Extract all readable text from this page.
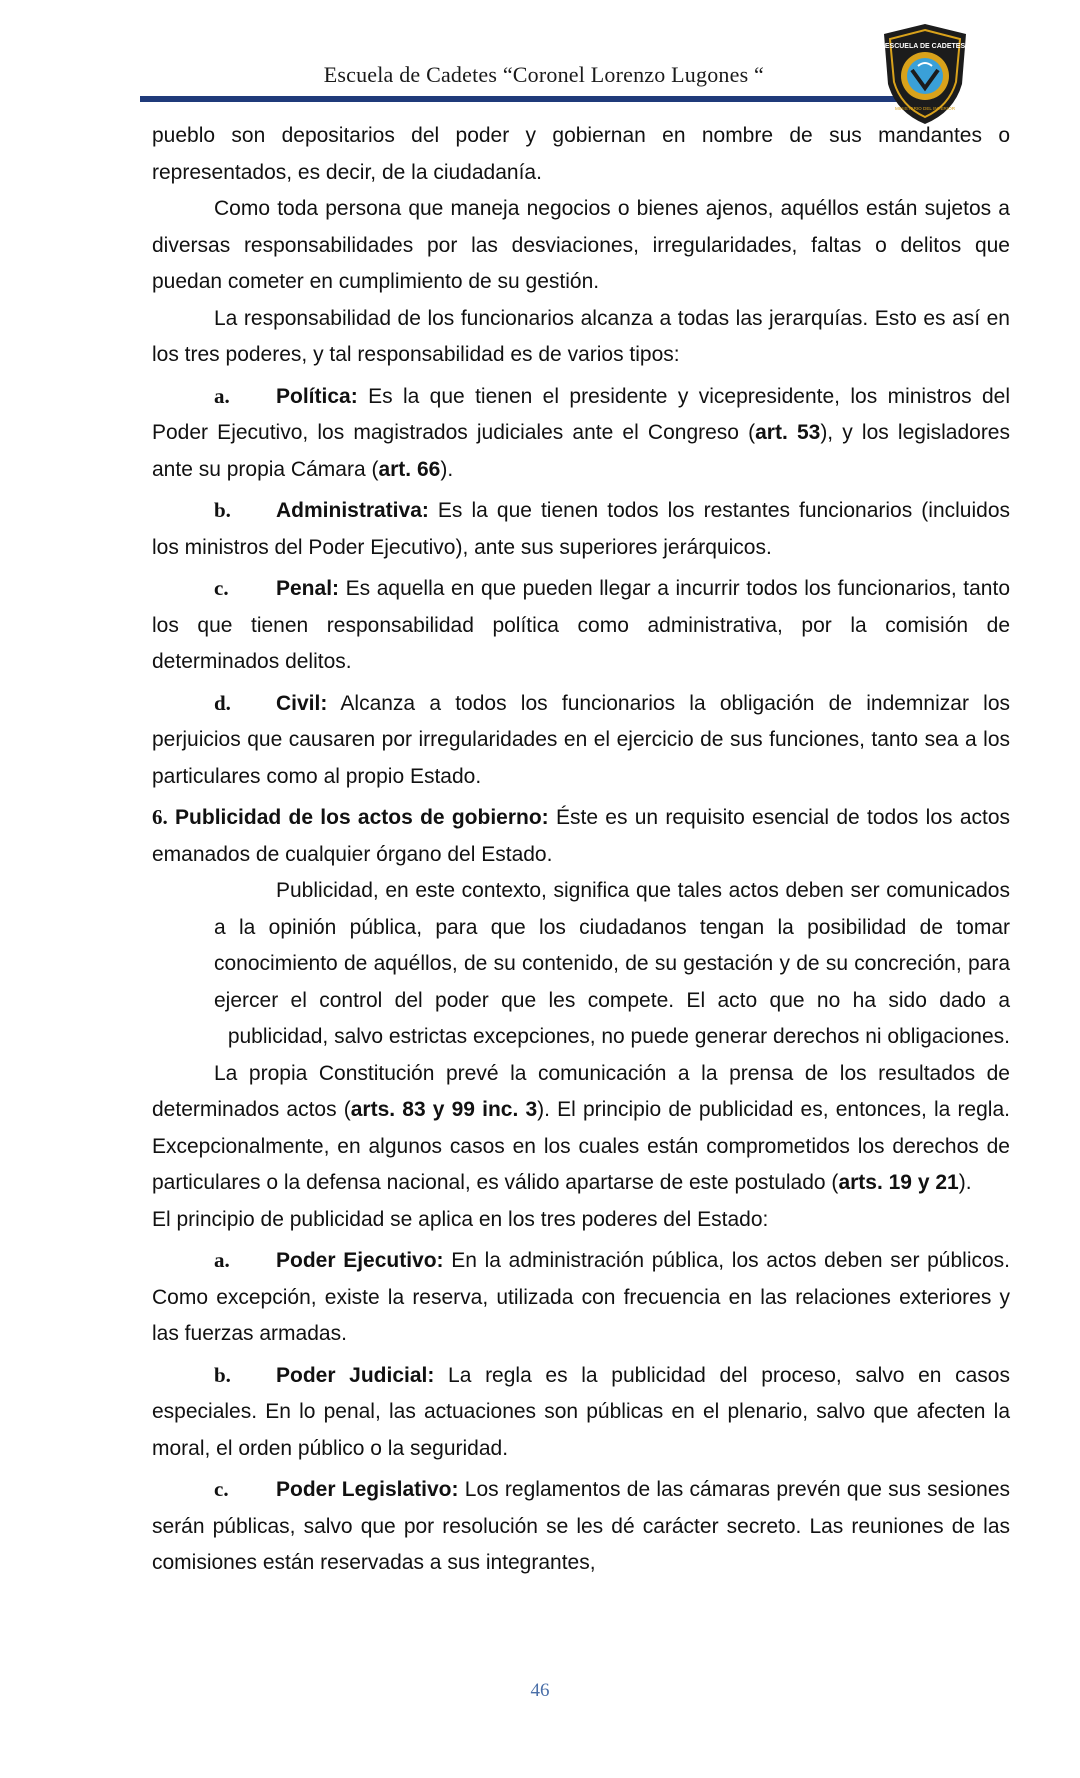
Escuela de Cadetes “Coronel Lorenzo Lugones “
ESCUELA DE CADETES
MINISTERIO DEL INTERIOR

pueblo son depositarios del poder y gobiernan en nombre de sus mandantes o representados, es decir, de la ciudadanía.

Como toda persona que maneja negocios o bienes ajenos, aquéllos están sujetos a diversas responsabilidades por las desviaciones, irregularidades, faltas o delitos que puedan cometer en cumplimiento de su gestión.

La responsabilidad de los funcionarios alcanza a todas las jerarquías. Esto es así en los tres poderes, y tal responsabilidad es de varios tipos:

a. Política: Es la que tienen el presidente y vicepresidente, los ministros del Poder Ejecutivo, los magistrados judiciales ante el Congreso (art. 53), y los legisladores ante su propia Cámara (art. 66).

b. Administrativa: Es la que tienen todos los restantes funcionarios (incluidos los ministros del Poder Ejecutivo), ante sus superiores jerárquicos.

c. Penal: Es aquella en que pueden llegar a incurrir todos los funcionarios, tanto los que tienen responsabilidad política como administrativa, por la comisión de determinados delitos.

d. Civil: Alcanza a todos los funcionarios la obligación de indemnizar los perjuicios que causaren por irregularidades en el ejercicio de sus funciones, tanto sea a los particulares como al propio Estado.

6. Publicidad de los actos de gobierno: Éste es un requisito esencial de todos los actos emanados de cualquier órgano del Estado.

Publicidad, en este contexto, significa que tales actos deben ser comunicados a la opinión pública, para que los ciudadanos tengan la posibilidad de tomar conocimiento de aquéllos, de su contenido, de su gestación y de su concreción, para ejercer el control del poder que les compete. El acto que no ha sido dado a publicidad, salvo estrictas excepciones, no puede generar derechos ni obligaciones.

La propia Constitución prevé la comunicación a la prensa de los resultados de determinados actos (arts. 83 y 99 inc. 3). El principio de publicidad es, entonces, la regla. Excepcionalmente, en algunos casos en los cuales están comprometidos los derechos de particulares o la defensa nacional, es válido apartarse de este postulado (arts. 19 y 21).

El principio de publicidad se aplica en los tres poderes del Estado:

a. Poder Ejecutivo: En la administración pública, los actos deben ser públicos. Como excepción, existe la reserva, utilizada con frecuencia en las relaciones exteriores y las fuerzas armadas.

b. Poder Judicial: La regla es la publicidad del proceso, salvo en casos especiales. En lo penal, las actuaciones son públicas en el plenario, salvo que afecten la moral, el orden público o la seguridad.

c. Poder Legislativo: Los reglamentos de las cámaras prevén que sus sesiones serán públicas, salvo que por resolución se les dé carácter secreto. Las reuniones de las comisiones están reservadas a sus integrantes,

46
